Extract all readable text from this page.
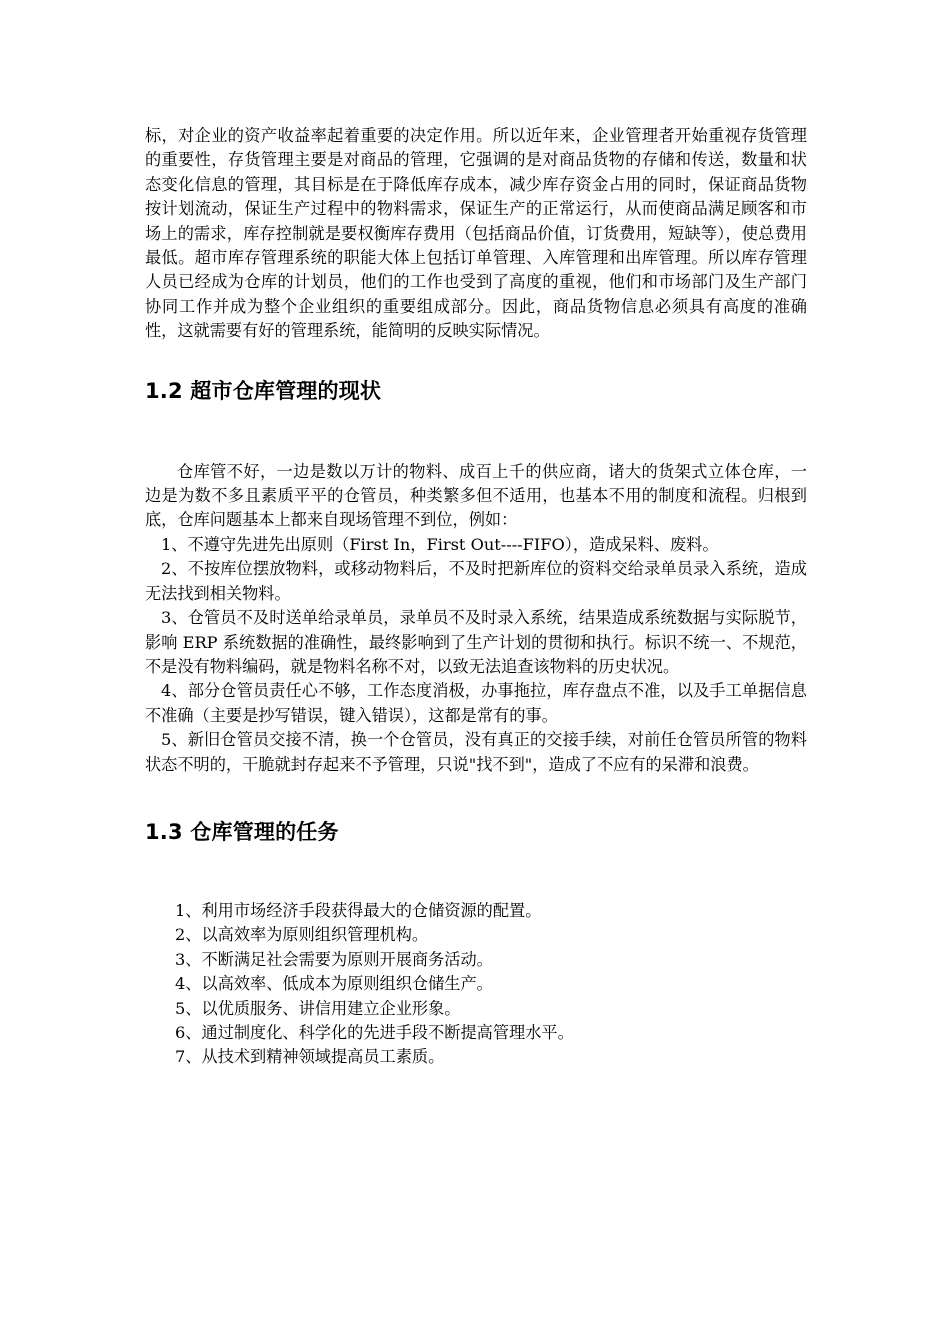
标，对企业的资产收益率起着重要的决定作用。所以近年来，企业管理者开始重视存货管理的重要性，存货管理主要是对商品的管理，它强调的是对商品货物的存储和传送，数量和状态变化信息的管理，其目标是在于降低库存成本，减少库存资金占用的同时，保证商品货物按计划流动，保证生产过程中的物料需求，保证生产的正常运行，从而使商品满足顾客和市场上的需求，库存控制就是要权衡库存费用（包括商品价值，订货费用，短缺等），使总费用最低。超市库存管理系统的职能大体上包括订单管理、入库管理和出库管理。所以库存管理人员已经成为仓库的计划员，他们的工作也受到了高度的重视，他们和市场部门及生产部门协同工作并成为整个企业组织的重要组成部分。因此，商品货物信息必须具有高度的准确性，这就需要有好的管理系统，能简明的反映实际情况。

1.2 超市仓库管理的现状

仓库管不好，一边是数以万计的物料、成百上千的供应商，诸大的货架式立体仓库，一边是为数不多且素质平平的仓管员，种类繁多但不适用，也基本不用的制度和流程。归根到底，仓库问题基本上都来自现场管理不到位，例如：

1、不遵守先进先出原则（First In，First Out----FIFO），造成呆料、废料。

2、不按库位摆放物料，或移动物料后，不及时把新库位的资料交给录单员录入系统，造成无法找到相关物料。

3、仓管员不及时送单给录单员，录单员不及时录入系统，结果造成系统数据与实际脱节，影响 ERP 系统数据的准确性，最终影响到了生产计划的贯彻和执行。标识不统一、不规范，不是没有物料编码，就是物料名称不对，以致无法追查该物料的历史状况。

4、部分仓管员责任心不够，工作态度消极，办事拖拉，库存盘点不准，以及手工单据信息不准确（主要是抄写错误，键入错误），这都是常有的事。

5、新旧仓管员交接不清，换一个仓管员，没有真正的交接手续，对前任仓管员所管的物料状态不明的，干脆就封存起来不予管理，只说"找不到"，造成了不应有的呆滞和浪费。

1.3 仓库管理的任务

1、利用市场经济手段获得最大的仓储资源的配置。

2、以高效率为原则组织管理机构。

3、不断满足社会需要为原则开展商务活动。

4、以高效率、低成本为原则组织仓储生产。

5、以优质服务、讲信用建立企业形象。

6、通过制度化、科学化的先进手段不断提高管理水平。

7、从技术到精神领域提高员工素质。
